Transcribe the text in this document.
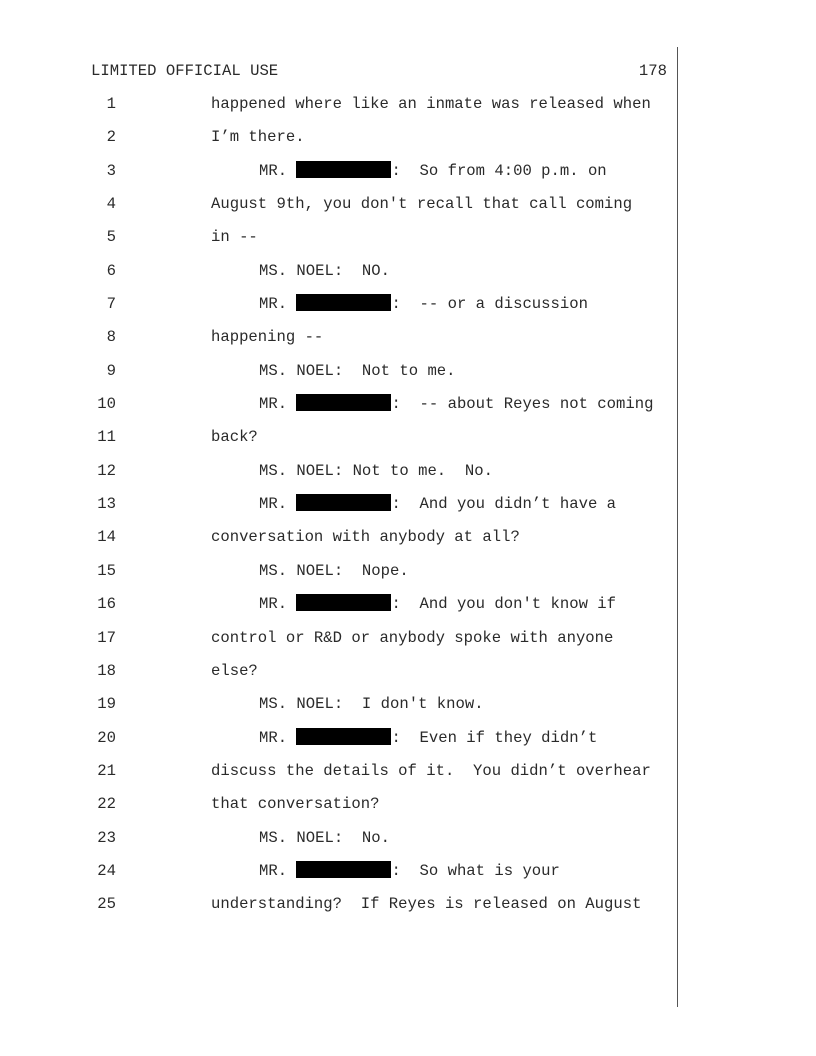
LIMITED OFFICIAL USE	178
1	happened where like an inmate was released when
2	I’m there.
3	MR.	:  So from 4:00 p.m. on
4	August 9th, you don't recall that call coming
5	in --
6	MS. NOEL:  NO.
7	MR.	:  -- or a discussion
8	happening --
9	MS. NOEL:  Not to me.
10	MR.	:  -- about Reyes not coming
11	back?
12	MS. NOEL: Not to me.  No.
13	MR.	:  And you didn’t have a
14	conversation with anybody at all?
15	MS. NOEL:  Nope.
16	MR.	:  And you don't know if
17	control or R&D or anybody spoke with anyone
18	else?
19	MS. NOEL:  I don't know.
20	MR.	:  Even if they didn’t
21	discuss the details of it.  You didn’t overhear
22	that conversation?
23	MS. NOEL:  No.
24	MR.	:  So what is your
25	understanding?  If Reyes is released on August
